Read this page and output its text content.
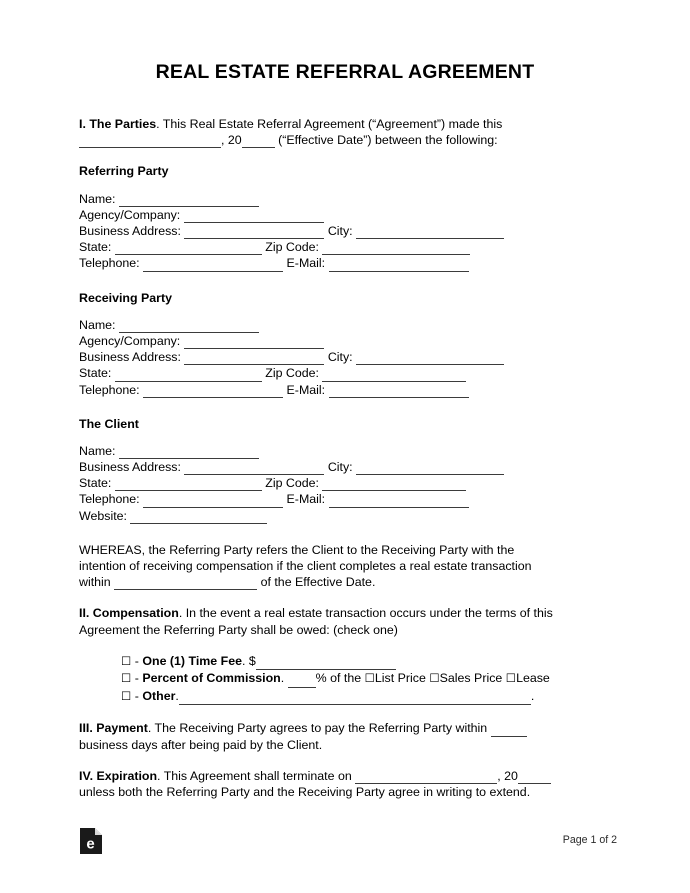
REAL ESTATE REFERRAL AGREEMENT

I. The Parties. This Real Estate Referral Agreement (“Agreement”) made this
, 20	(“Effective Date”) between the following:

Referring Party

Name:
Agency/Company:
Business Address:	City:
State:	Zip Code:
Telephone:	E-Mail:

Receiving Party

Name:
Agency/Company:
Business Address:	City:
State:	Zip Code:
Telephone:	E-Mail:

The Client

Name:
Business Address:	City:
State:	Zip Code:
Telephone:	E-Mail:
Website:

WHEREAS, the Referring Party refers the Client to the Receiving Party with the
intention of receiving compensation if the client completes a real estate transaction
within	of the Effective Date.

II. Compensation. In the event a real estate transaction occurs under the terms of this Agreement the Referring Party shall be owed: (check one)

☐ - One (1) Time Fee. $
☐ - Percent of Commission.	% of the ☐List Price ☐Sales Price ☐Lease
☐ - Other.	.

III. Payment. The Receiving Party agrees to pay the Referring Party within
business days after being paid by the Client.

IV. Expiration. This Agreement shall terminate on	, 20
unless both the Referring Party and the Receiving Party agree in writing to extend.

e	Page 1 of 2
